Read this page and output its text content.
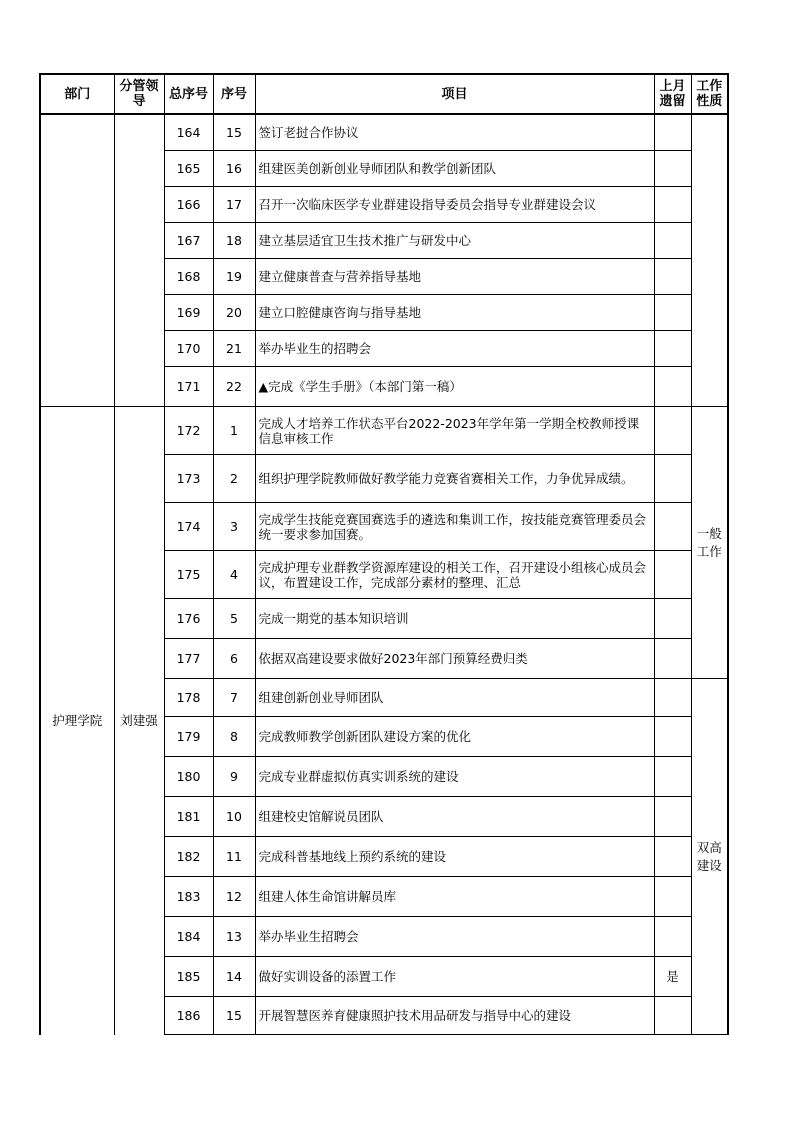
部门	分管领导	总序号	序号	项目	上月遗留	工作性质
		164	15	签订老挝合作协议		
		165	16	组建医美创新创业导师团队和教学创新团队		
		166	17	召开一次临床医学专业群建设指导委员会指导专业群建设会议		
		167	18	建立基层适宜卫生技术推广与研发中心		
		168	19	建立健康普查与营养指导基地		
		169	20	建立口腔健康咨询与指导基地		
		170	21	举办毕业生的招聘会		
		171	22	▲完成《学生手册》（本部门第一稿）		
护理学院	刘建强	172	1	完成人才培养工作状态平台2022-2023年学年第一学期全校教师授课信息审核工作		一般工作
		173	2	组织护理学院教师做好教学能力竞赛省赛相关工作，力争优异成绩。		
		174	3	完成学生技能竞赛国赛选手的遴选和集训工作，按技能竞赛管理委员会统一要求参加国赛。		
		175	4	完成护理专业群教学资源库建设的相关工作，召开建设小组核心成员会议，布置建设工作，完成部分素材的整理、汇总		
		176	5	完成一期党的基本知识培训		
		177	6	依据双高建设要求做好2023年部门预算经费归类		
		178	7	组建创新创业导师团队		双高建设
		179	8	完成教师教学创新团队建设方案的优化		
		180	9	完成专业群虚拟仿真实训系统的建设		
		181	10	组建校史馆解说员团队		
		182	11	完成科普基地线上预约系统的建设		
		183	12	组建人体生命馆讲解员库		
		184	13	举办毕业生招聘会		
		185	14	做好实训设备的添置工作	是	
		186	15	开展智慧医养育健康照护技术用品研发与指导中心的建设		
